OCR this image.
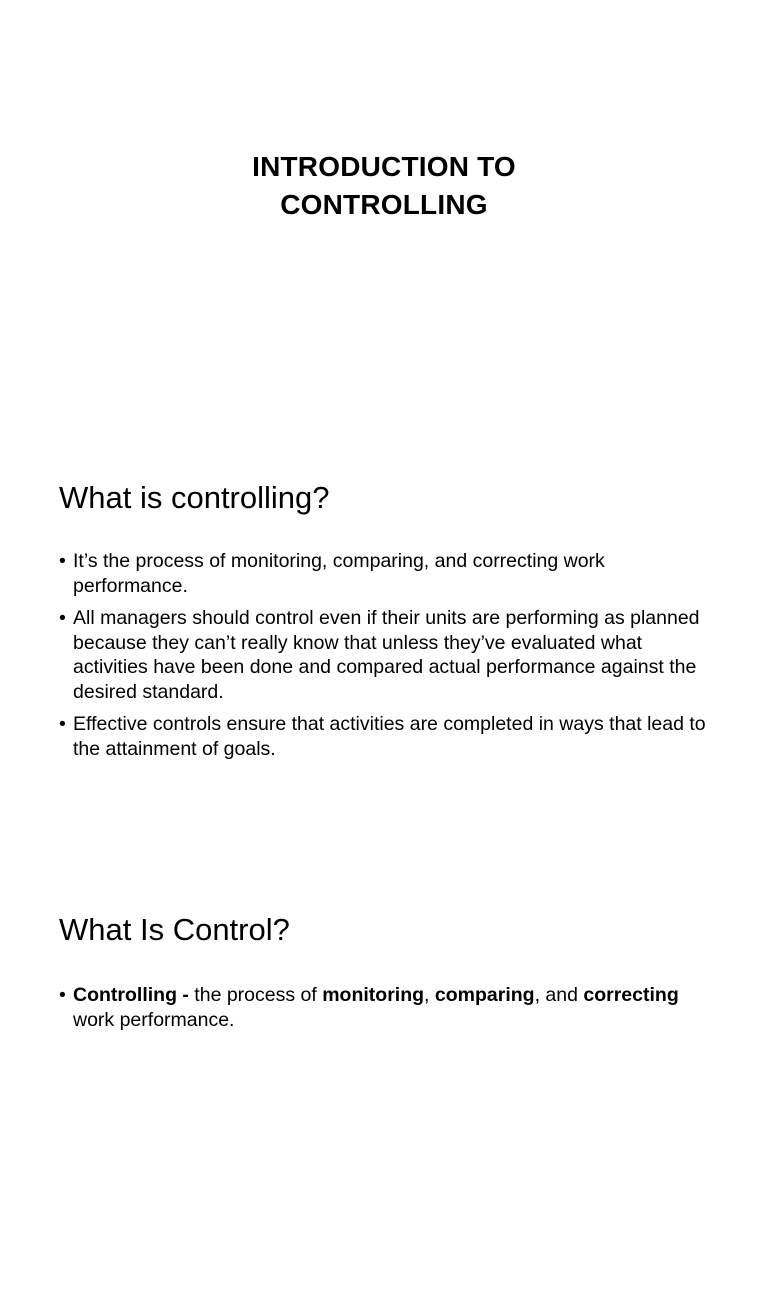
INTRODUCTION TO
CONTROLLING
What is controlling?
• It’s the process of monitoring, comparing, and correcting work performance.
• All managers should control even if their units are performing as planned because they can’t really know that unless they’ve evaluated what activities have been done and compared actual performance against the desired standard.
• Effective controls ensure that activities are completed in ways that lead to the attainment of goals.
What Is Control?
• Controlling - the process of monitoring, comparing, and correcting work performance.
